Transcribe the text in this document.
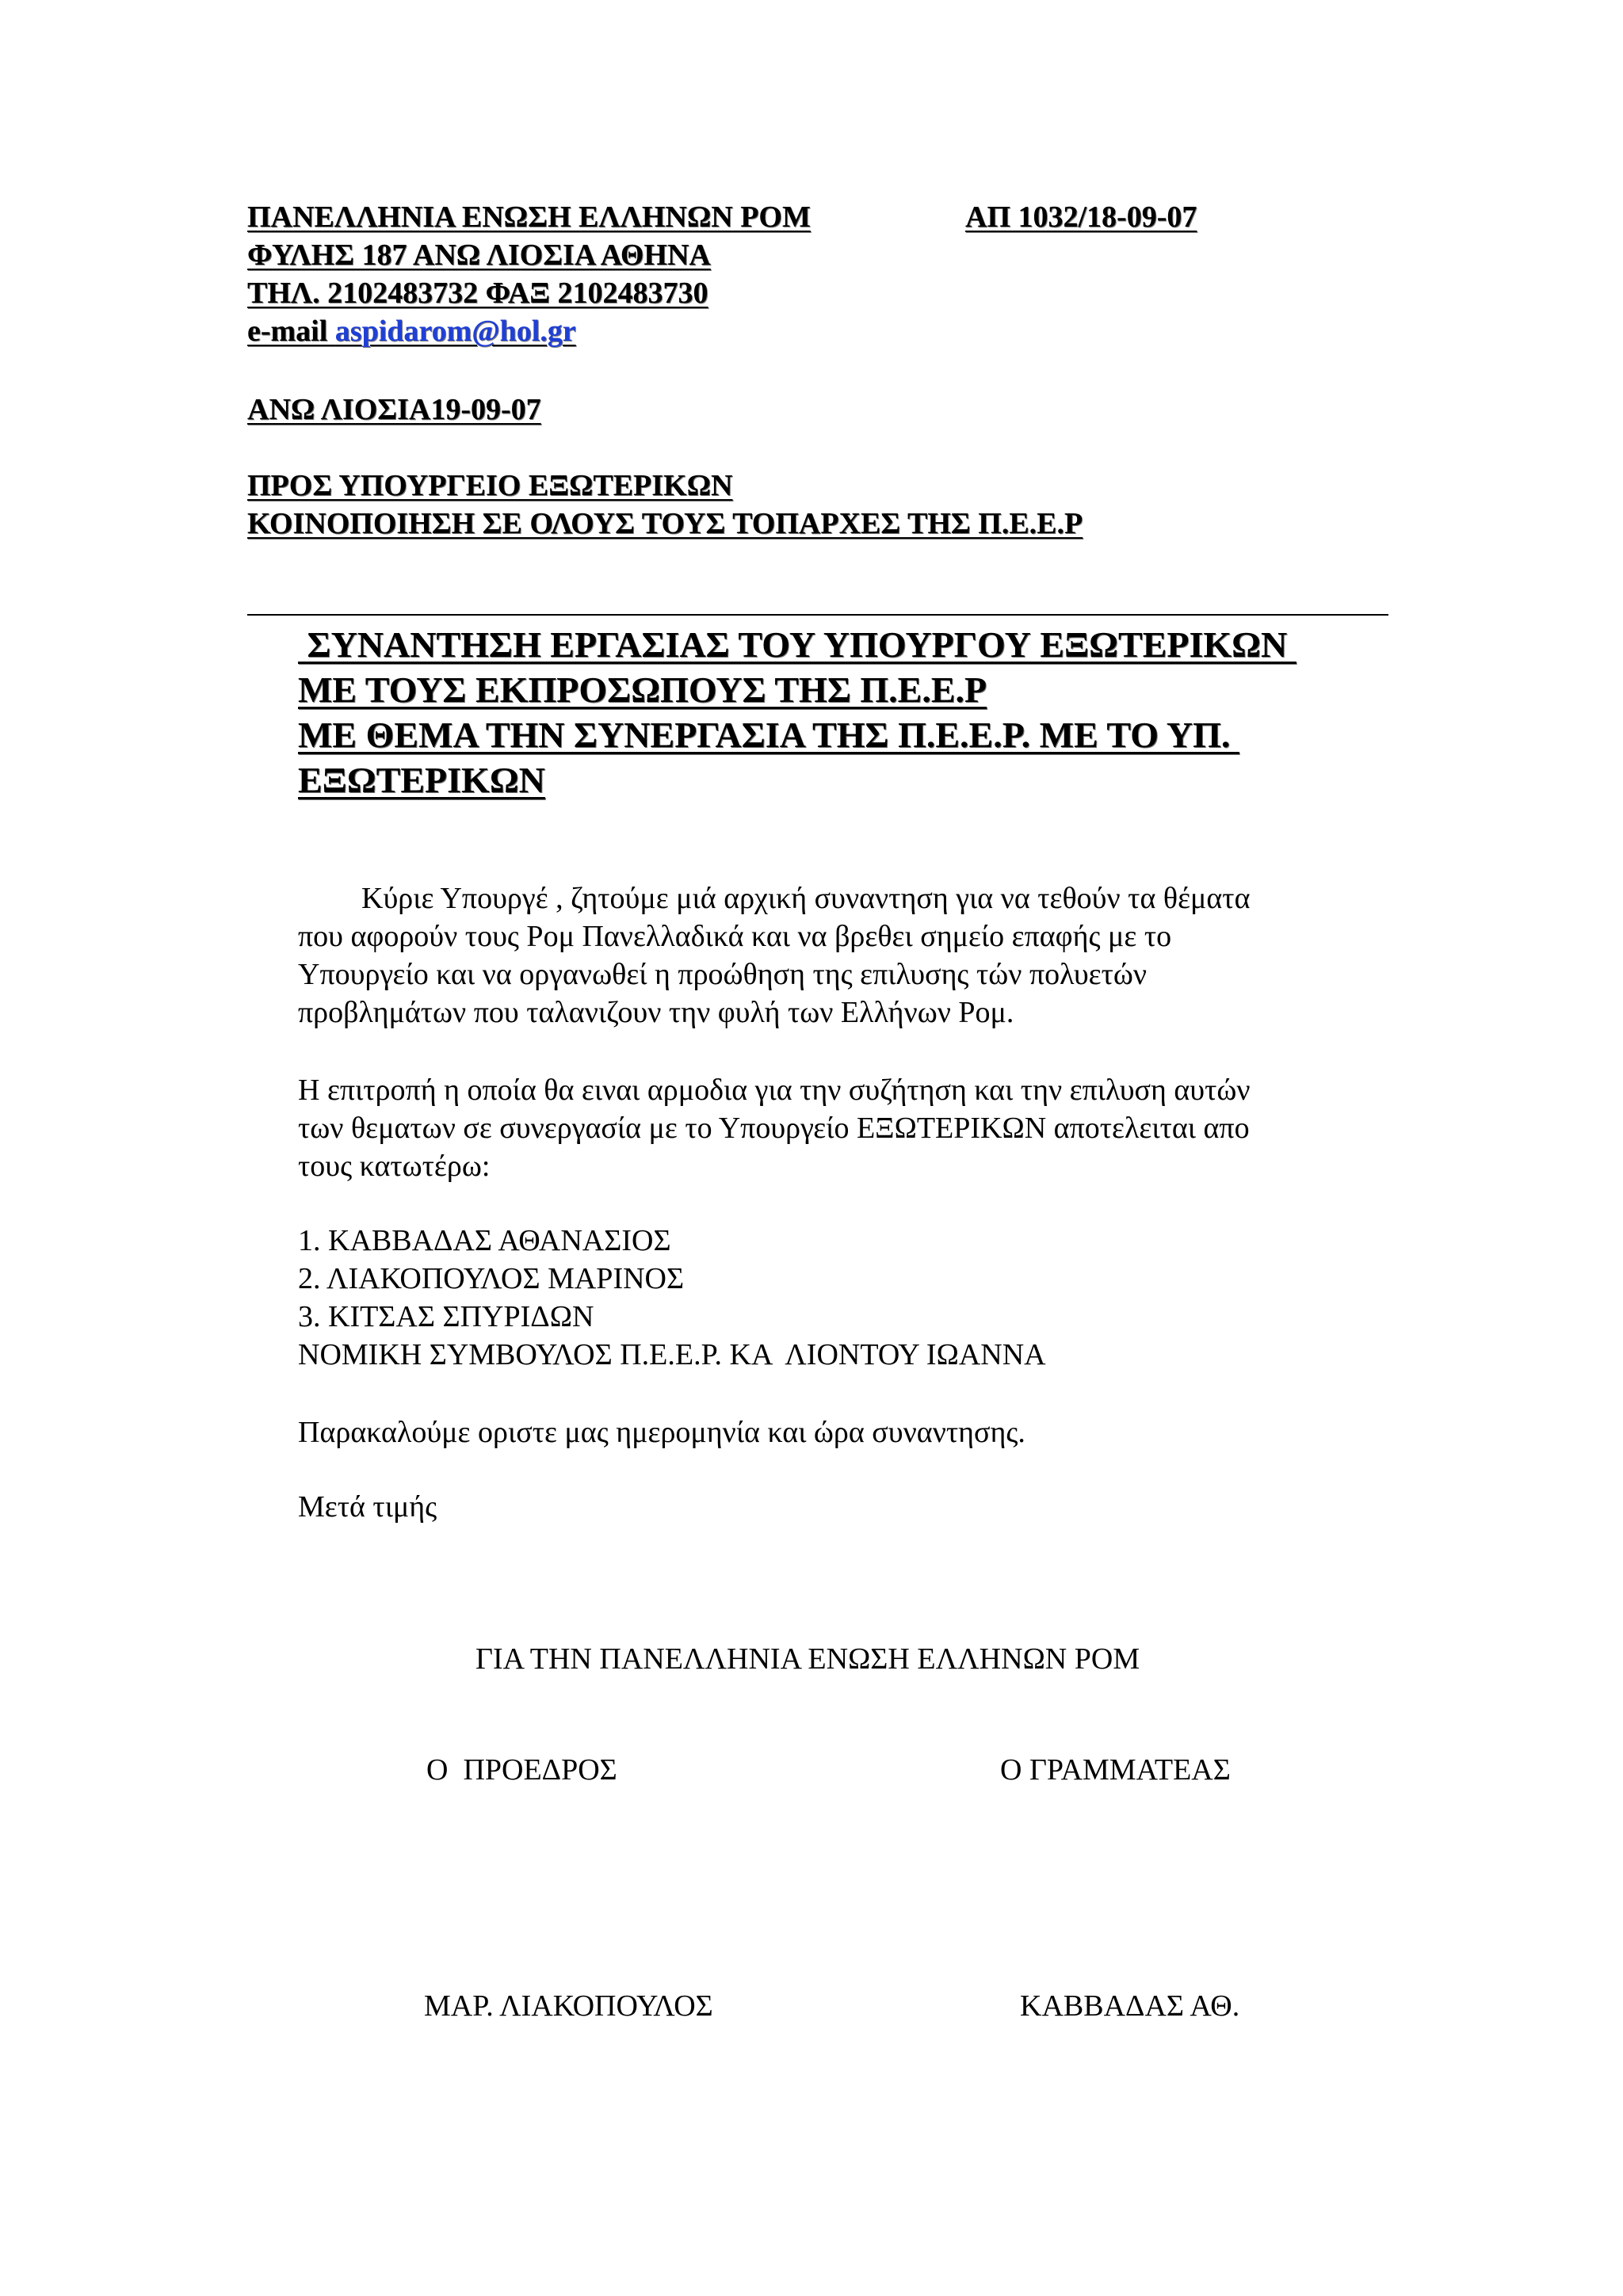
ΠΑΝΕΛΛΗΝΙΑ ΕΝΩΣΗ ΕΛΛΗΝΩΝ ΡΟΜ	ΑΠ 1032/18-09-07
ΦΥΛΗΣ 187 ΑΝΩ ΛΙΟΣΙΑ ΑΘΗΝΑ
ΤΗΛ. 2102483732 ΦΑΞ 2102483730
e-mail aspidarom@hol.gr
ΑΝΩ ΛΙΟΣΙΑ19-09-07
ΠΡΟΣ ΥΠΟΥΡΓΕΙΟ ΕΞΩΤΕΡΙΚΩΝ
ΚΟΙΝΟΠΟΙΗΣΗ ΣΕ ΟΛΟΥΣ ΤΟΥΣ ΤΟΠΑΡΧΕΣ ΤΗΣ Π.Ε.Ε.Ρ
ΣΥΝΑΝΤΗΣΗ ΕΡΓΑΣΙΑΣ ΤΟΥ ΥΠΟΥΡΓΟΥ ΕΞΩΤΕΡΙΚΩΝ
ΜΕ ΤΟΥΣ ΕΚΠΡΟΣΩΠΟΥΣ ΤΗΣ Π.Ε.Ε.Ρ
ΜΕ ΘΕΜΑ ΤΗΝ ΣΥΝΕΡΓΑΣΙΑ ΤΗΣ Π.Ε.Ε.Ρ. ΜΕ ΤΟ ΥΠ.
ΕΞΩΤΕΡΙΚΩΝ
Κύριε Υπουργέ , ζητούμε μιά αρχική συναντηση για να τεθούν τα θέματα
που αφορούν τους Ρομ Πανελλαδικά και να βρεθει σημείο επαφής με το
Υπουργείο και να οργανωθεί η προώθηση της επιλυσης τών πολυετών
προβλημάτων που ταλανιζουν την φυλή των Ελλήνων Ρομ.
Η επιτροπή η οποία θα ειναι αρμοδια για την συζήτηση και την επιλυση αυτών
των θεματων σε συνεργασία με το Υπουργείο ΕΞΩΤΕΡΙΚΩΝ αποτελειται απο
τους κατωτέρω:
1. ΚΑΒΒΑΔΑΣ ΑΘΑΝΑΣΙΟΣ
2. ΛΙΑΚΟΠΟΥΛΟΣ ΜΑΡΙΝΟΣ
3. ΚΙΤΣΑΣ ΣΠΥΡΙΔΩΝ
ΝΟΜΙΚΗ ΣΥΜΒΟΥΛΟΣ Π.Ε.Ε.Ρ. ΚΑ  ΛΙΟΝΤΟΥ ΙΩΑΝΝΑ
Παρακαλούμε οριστε μας ημερομηνία και ώρα συναντησης.
Μετά τιμής
ΓΙΑ ΤΗΝ ΠΑΝΕΛΛΗΝΙΑ ΕΝΩΣΗ ΕΛΛΗΝΩΝ ΡΟΜ
Ο  ΠΡΟΕΔΡΟΣ	Ο ΓΡΑΜΜΑΤΕΑΣ
ΜΑΡ. ΛΙΑΚΟΠΟΥΛΟΣ	ΚΑΒΒΑΔΑΣ ΑΘ.
